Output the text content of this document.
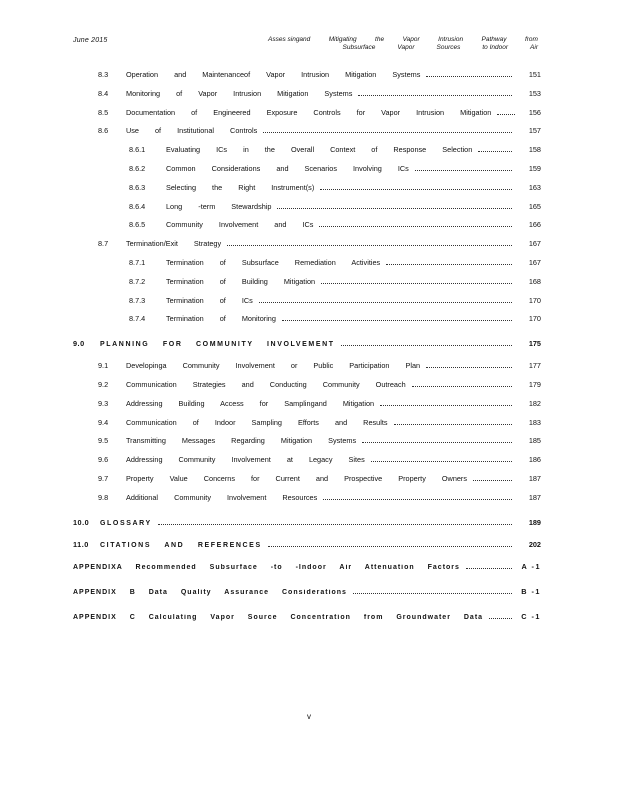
June 2015	Asses singand	Mitigating	the	Vapor	Intrusion	Pathway	from
Subsurface	Vapor	Sources	to Indoor	Air
8.3	Operation and Maintenanceof Vapor Intrusion Mitigation Systems	151
8.4	Monitoring of Vapor Intrusion Mitigation Systems	153
8.5	Documentation of Engineered Exposure Controls for Vapor Intrusion Mitigation	156
8.6	Use of Institutional Controls	157
8.6.1	Evaluating ICs in the Overall Context of Response Selection	158
8.6.2	Common Considerations and Scenarios Involving ICs	159
8.6.3	Selecting the Right Instrument(s)	163
8.6.4	Long -term Stewardship	165
8.6.5	Community Involvement and ICs	166
8.7	Termination/Exit Strategy	167
8.7.1	Termination of Subsurface Remediation Activities	167
8.7.2	Termination of Building Mitigation	168
8.7.3	Termination of ICs	170
8.7.4	Termination of Monitoring	170
9.0	PLANNING FOR COMMUNITY INVOLVEMENT	175
9.1	Developinga Community Involvement or Public Participation Plan	177
9.2	Communication Strategies and Conducting Community Outreach	179
9.3	Addressing Building Access for Samplingand Mitigation	182
9.4	Communication of Indoor Sampling Efforts and Results	183
9.5	Transmitting Messages Regarding Mitigation Systems	185
9.6	Addressing Community Involvement at Legacy Sites	186
9.7	Property Value Concerns for Current and Prospective Property Owners	187
9.8	Additional Community Involvement Resources	187
10.0	GLOSSARY	189
11.0	CITATIONS AND REFERENCES	202
APPENDIXA Recommended Subsurface -to -Indoor Air Attenuation Factors	A -1
APPENDIX B Data Quality Assurance Considerations	B -1
APPENDIX C Calculating Vapor Source Concentration from Groundwater Data	C -1
v
